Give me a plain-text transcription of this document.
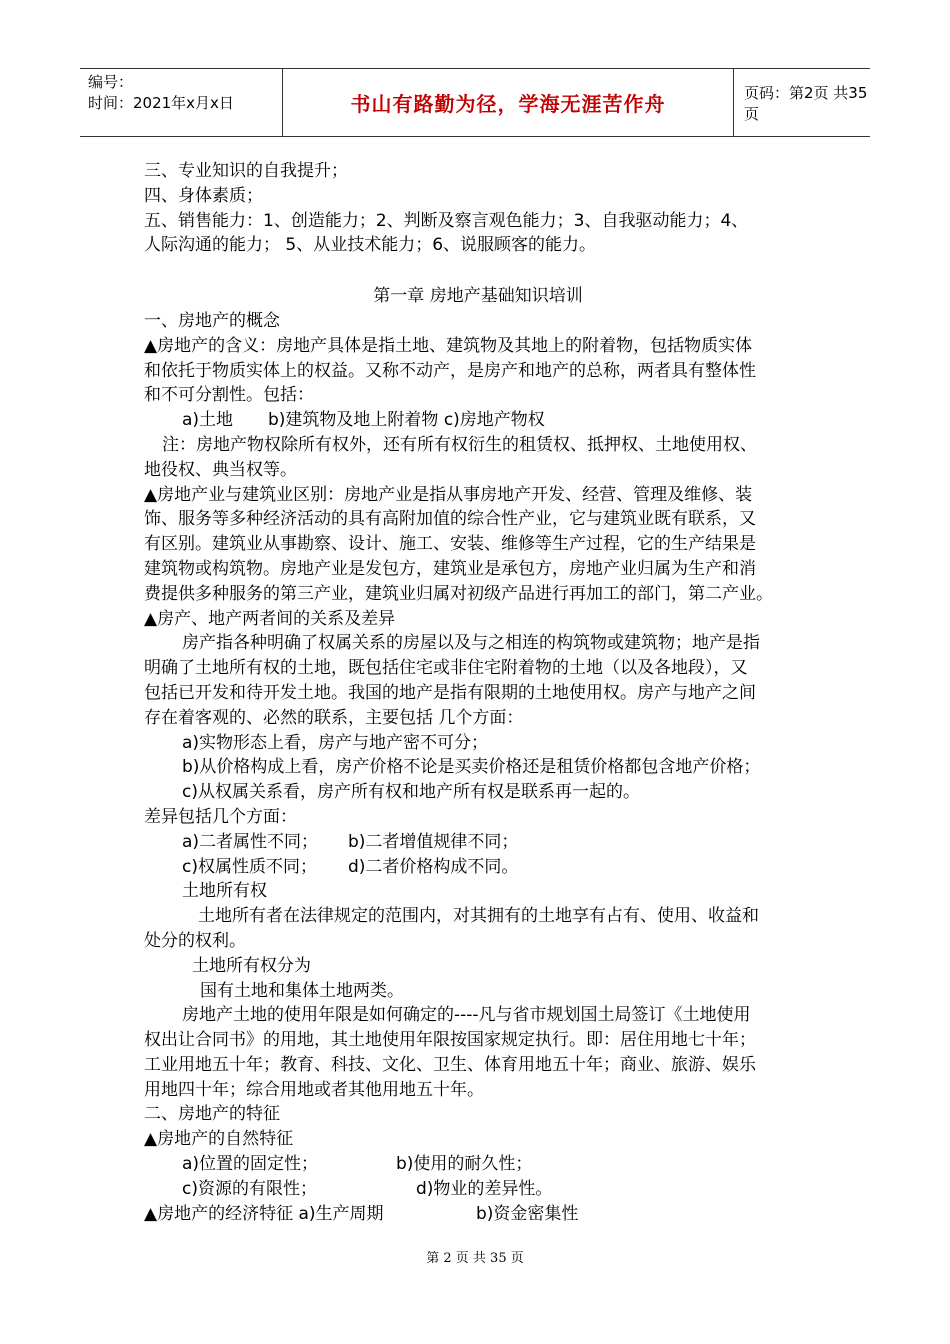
编号：
时间：2021年x月x日	书山有路勤为径，学海无涯苦作舟	页码：第2页 共35页

三、专业知识的自我提升；

四、身体素质；

五、销售能力：1、创造能力；2、判断及察言观色能力；3、自我驱动能力；4、

人际沟通的能力； 5、从业技术能力；6、说服顾客的能力。

第一章 房地产基础知识培训

一、房地产的概念

▲房地产的含义：房地产具体是指土地、建筑物及其地上的附着物，包括物质实体

和依托于物质实体上的权益。又称不动产，是房产和地产的总称，两者具有整体性

和不可分割性。包括：

a)土地 b)建筑物及地上附着物 c)房地产物权

注：房地产物权除所有权外，还有所有权衍生的租赁权、抵押权、土地使用权、

地役权、典当权等。

▲房地产业与建筑业区别：房地产业是指从事房地产开发、经营、管理及维修、装

饰、服务等多种经济活动的具有高附加值的综合性产业，它与建筑业既有联系，又

有区别。建筑业从事勘察、设计、施工、安装、维修等生产过程，它的生产结果是

建筑物或构筑物。房地产业是发包方，建筑业是承包方，房地产业归属为生产和消

费提供多种服务的第三产业，建筑业归属对初级产品进行再加工的部门，第二产业。

▲房产、地产两者间的关系及差异

房产指各种明确了权属关系的房屋以及与之相连的构筑物或建筑物；地产是指

明确了土地所有权的土地，既包括住宅或非住宅附着物的土地（以及各地段），又

包括已开发和待开发土地。我国的地产是指有限期的土地使用权。房产与地产之间

存在着客观的、必然的联系，主要包括 几个方面：

a)实物形态上看，房产与地产密不可分；

b)从价格构成上看，房产价格不论是买卖价格还是租赁价格都包含地产价格；

c)从权属关系看，房产所有权和地产所有权是联系再一起的。

差异包括几个方面：

a)二者属性不同； b)二者增值规律不同；

c)权属性质不同； d)二者价格构成不同。

土地所有权

土地所有者在法律规定的范围内，对其拥有的土地享有占有、使用、收益和

处分的权利。

土地所有权分为

国有土地和集体土地两类。

房地产土地的使用年限是如何确定的----凡与省市规划国土局签订《土地使用

权出让合同书》的用地，其土地使用年限按国家规定执行。即：居住用地七十年；

工业用地五十年；教育、科技、文化、卫生、体育用地五十年；商业、旅游、娱乐

用地四十年；综合用地或者其他用地五十年。

二、房地产的特征

▲房地产的自然特征

a)位置的固定性；	b)使用的耐久性；

c)资源的有限性；	d)物业的差异性。

▲房地产的经济特征 a)生产周期	b)资金密集性

第 2 页 共 35 页
